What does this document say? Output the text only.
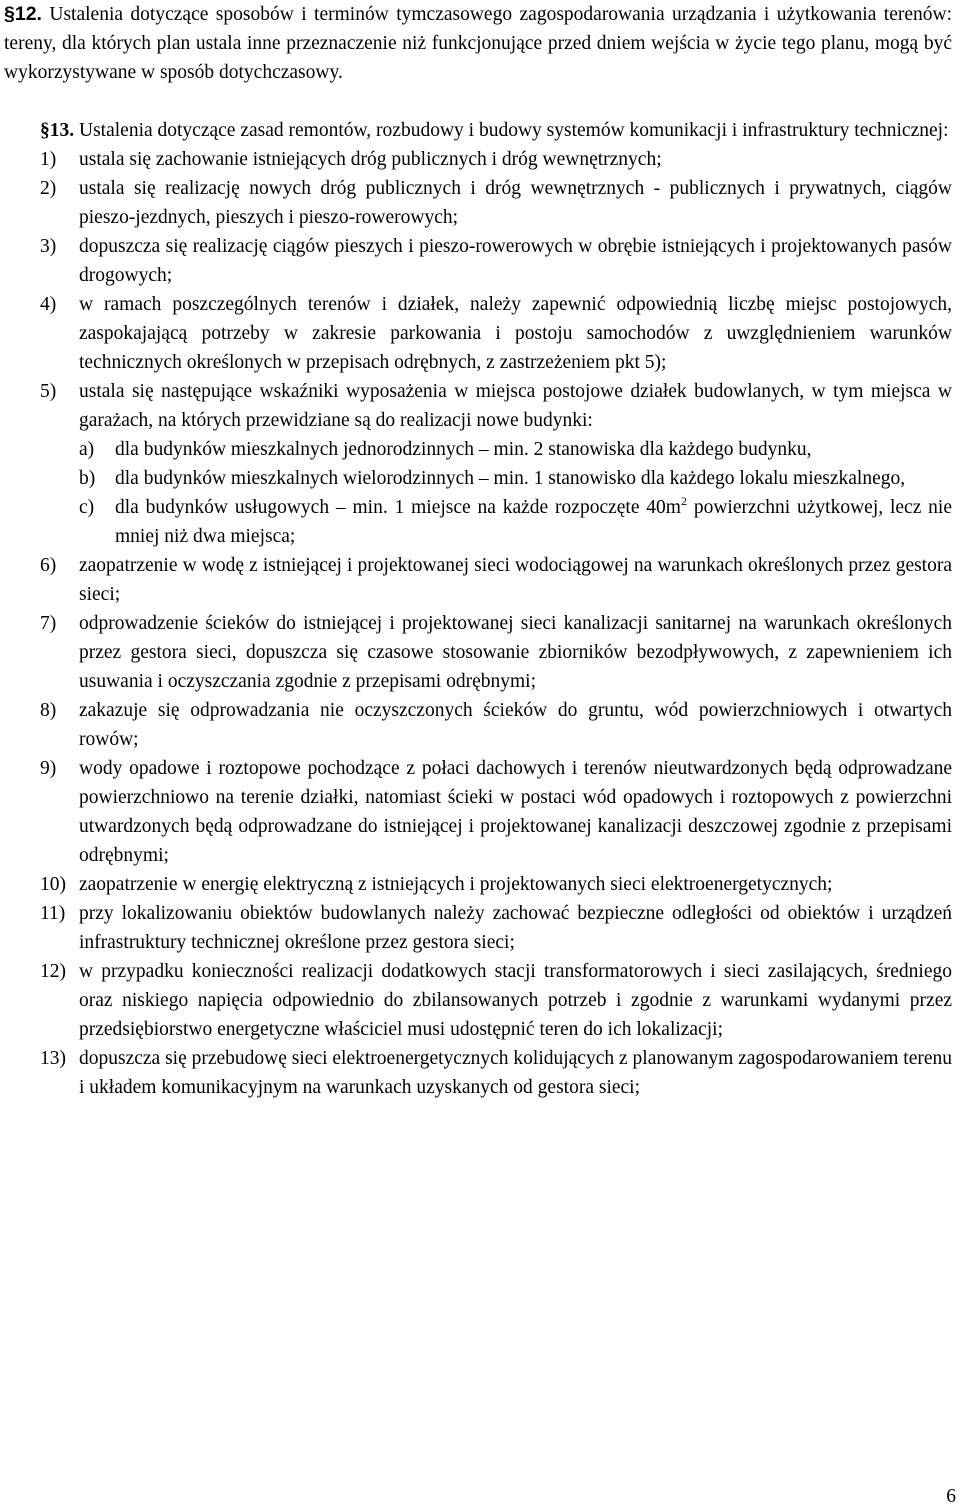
§12. Ustalenia dotyczące sposobów i terminów tymczasowego zagospodarowania urządzania i użytkowania terenów: tereny, dla których plan ustala inne przeznaczenie niż funkcjonujące przed dniem wejścia w życie tego planu, mogą być wykorzystywane w sposób dotychczasowy.

§13. Ustalenia dotyczące zasad remontów, rozbudowy i budowy systemów komunikacji i infrastruktury technicznej:

1) ustala się zachowanie istniejących dróg publicznych i dróg wewnętrznych;
2) ustala się realizację nowych dróg publicznych i dróg wewnętrznych - publicznych i prywatnych, ciągów pieszo-jezdnych, pieszych i pieszo-rowerowych;
3) dopuszcza się realizację ciągów pieszych i pieszo-rowerowych w obrębie istniejących i projektowanych pasów drogowych;
4) w ramach poszczególnych terenów i działek, należy zapewnić odpowiednią liczbę miejsc postojowych, zaspokajającą potrzeby w zakresie parkowania i postoju samochodów z uwzględnieniem warunków technicznych określonych w przepisach odrębnych, z zastrzeżeniem pkt 5);
5) ustala się następujące wskaźniki wyposażenia w miejsca postojowe działek budowlanych, w tym miejsca w garażach, na których przewidziane są do realizacji nowe budynki:
a) dla budynków mieszkalnych jednorodzinnych – min. 2 stanowiska dla każdego budynku,
b) dla budynków mieszkalnych wielorodzinnych – min. 1 stanowisko dla każdego lokalu mieszkalnego,
c) dla budynków usługowych – min. 1 miejsce na każde rozpoczęte $40m^2$ powierzchni użytkowej, lecz nie mniej niż dwa miejsca;
6) zaopatrzenie w wodę z istniejącej i projektowanej sieci wodociągowej na warunkach określonych przez gestora sieci;
7) odprowadzenie ścieków do istniejącej i projektowanej sieci kanalizacji sanitarnej na warunkach określonych przez gestora sieci, dopuszcza się czasowe stosowanie zbiorników bezodpływowych, z zapewnieniem ich usuwania i oczyszczania zgodnie z przepisami odrębnymi;
8) zakazuje się odprowadzania nie oczyszczonych ścieków do gruntu, wód powierzchniowych i otwartych rowów;
9) wody opadowe i roztopowe pochodzące z połaci dachowych i terenów nieutwardzonych będą odprowadzane powierzchniowo na terenie działki, natomiast ścieki w postaci wód opadowych i roztopowych z powierzchni utwardzonych będą odprowadzane do istniejącej i projektowanej kanalizacji deszczowej zgodnie z przepisami odrębnymi;
10) zaopatrzenie w energię elektryczną z istniejących i projektowanych sieci elektroenergetycznych;
11) przy lokalizowaniu obiektów budowlanych należy zachować bezpieczne odległości od obiektów i urządzeń infrastruktury technicznej określone przez gestora sieci;
12) w przypadku konieczności realizacji dodatkowych stacji transformatorowych i sieci zasilających, średniego oraz niskiego napięcia odpowiednio do zbilansowanych potrzeb i zgodnie z warunkami wydanymi przez przedsiębiorstwo energetyczne właściciel musi udostępnić teren do ich lokalizacji;
13) dopuszcza się przebudowę sieci elektroenergetycznych kolidujących z planowanym zagospodarowaniem terenu i układem komunikacyjnym na warunkach uzyskanych od gestora sieci;
6
